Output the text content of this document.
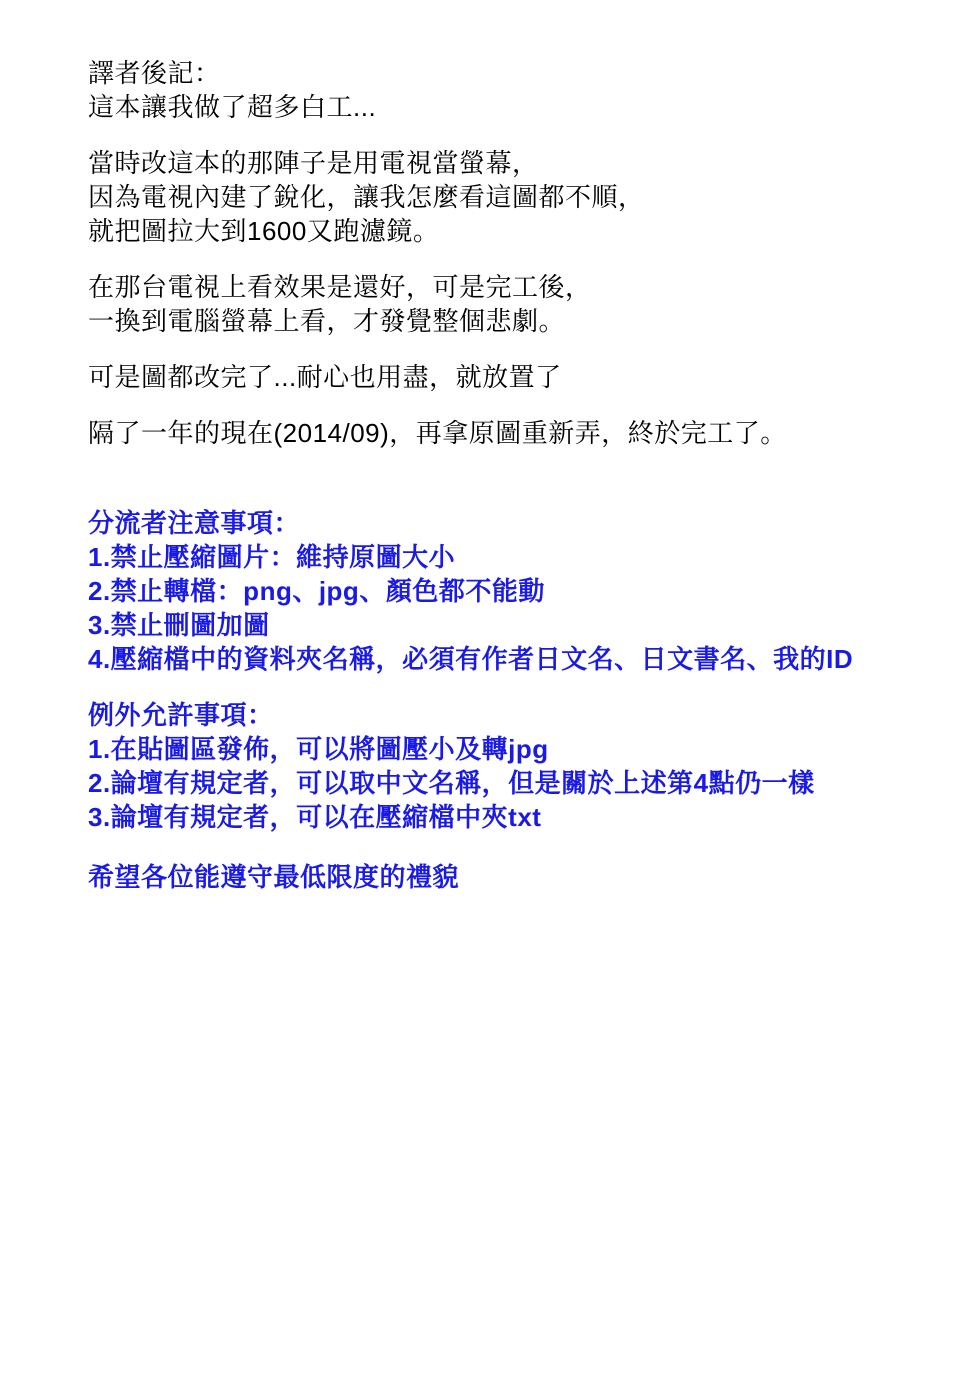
譯者後記：
這本讓我做了超多白工...
當時改這本的那陣子是用電視當螢幕，
因為電視內建了銳化，讓我怎麼看這圖都不順，
就把圖拉大到1600又跑濾鏡。
在那台電視上看效果是還好，可是完工後，
一換到電腦螢幕上看，才發覺整個悲劇。
可是圖都改完了...耐心也用盡，就放置了
隔了一年的現在(2014/09)，再拿原圖重新弄，終於完工了。
分流者注意事項：
1.禁止壓縮圖片：維持原圖大小
2.禁止轉檔：png、jpg、顏色都不能動
3.禁止刪圖加圖
4.壓縮檔中的資料夾名稱，必須有作者日文名、日文書名、我的ID
例外允許事項：
1.在貼圖區發佈，可以將圖壓小及轉jpg
2.論壇有規定者，可以取中文名稱，但是關於上述第4點仍一樣
3.論壇有規定者，可以在壓縮檔中夾txt
希望各位能遵守最低限度的禮貌
